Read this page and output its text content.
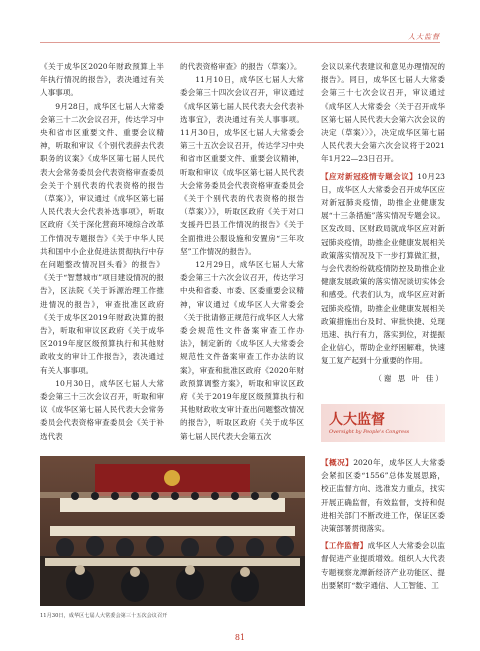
人大监督

《关于成华区2020年财政预算上半年执行情况的报告》，表决通过有关人事事项。

9月28日，成华区七届人大常委会第三十二次会议召开，传达学习中央和省市区重要文件、重要会议精神，听取和审议《个别代表辞去代表职务的议案》《成华区第七届人民代表大会常务委员会代表资格审查委员会关于个别代表的代表资格的报告（草案）》，审议通过《成华区第七届人民代表大会代表补选事项》，听取区政府《关于深化营商环境综合改革工作情况专题报告》《关于中华人民共和国中小企业促进法贯彻执行中存在问题整改情况回头看》的报告》《关于“智慧城市”项目建设情况的报告》，区法院《关于诉源治理工作推进情况的报告》，审查批准区政府《关于成华区2019年财政决算的报告》，听取和审议区政府《关于成华区2019年度区级预算执行和其他财政收支的审计工作报告》，表决通过有关人事事项。

10月30日，成华区七届人大常委会第三十三次会议召开，听取和审议《成华区第七届人民代表大会常务委员会代表资格审查委员会《关于补选代表

的代表资格审查》的报告（草案）》。

11月10日，成华区七届人大常委会第三十四次会议召开，审议通过《成华区第七届人民代表大会代表补选事宜》，表决通过有关人事事项。11月30日，成华区七届人大常委会第三十五次会议召开，传达学习中央和省市区重要文件、重要会议精神，听取和审议《成华区第七届人民代表大会常务委员会代表资格审查委员会《关于个别代表的代表资格的报告（草案）》》，听取区政府《关于对口支援丹巴县工作情况的报告》《关于全面推进公服设施和安置房“三年攻坚”工作情况的报告》。

12月29日，成华区七届人大常委会第三十六次会议召开，传达学习中央和省委、市委、区委重要会议精神，审议通过《成华区人大常委会〈关于批请修正规范行成华区人大常委会规范性文件备案审查工作办法》，制定新的《成华区人大常委会规范性文件备案审查工作办法的议案》，审查和批准区政府《2020年财政预算调整方案》，听取和审议区政府《关于2019年度区级预算执行和其他财政收支审计查出问题整改情况的报告》，听取区政府《关于成华区第七届人民代表大会第五次

会议以来代表建议和意见办理情况的报告》。同日，成华区七届人大常委会第三十七次会议召开，审议通过《成华区人大常委会〈关于召开成华区第七届人民代表大会第六次会议的决定（草案）〉》，决定成华区第七届人民代表大会第六次会议将于2021年1月22—23日召开。

【应对新冠疫情专题会议】10月23日，成华区人大常委会召开成华区应对新冠肺炎疫情，助推企业健康发展“十三条措施”落实情况专题会议。区发改局、区财政局就成华区应对新冠肺炎疫情，助推企业健康发展相关政策落实情况及下一步打算做汇报，与会代表纷纷就疫情防控及助推企业健康发展政策的落实情况谈切实体会和感受。代表们认为，成华区应对新冠肺炎疫情，助推企业健康发展相关政策措施出台及时、审批快捷、兑现迅速、执行有力，落实到位，对提振企业信心，帮助企业纾困解难，快速复工复产起到十分重要的作用。

（谢 思 叶 佳）
人大监督
Oversight by People's Congress

【概况】2020年，成华区人大常委会紧扣区委“1556”总体发展思路，校正监督方向、选准发力重点，找实开展正确监督，有效监督，支持和促进相关部门不断改进工作，保证区委决策部署贯彻落实。

【工作监督】成华区人大常委会以监督促进产业提质增效。组织人大代表专题视察龙潭新经济产业功能区、提出要紧盯“数字通信、人工智能、工

11月30日，成华区七届人大常委会第三十五次会议召开
81
